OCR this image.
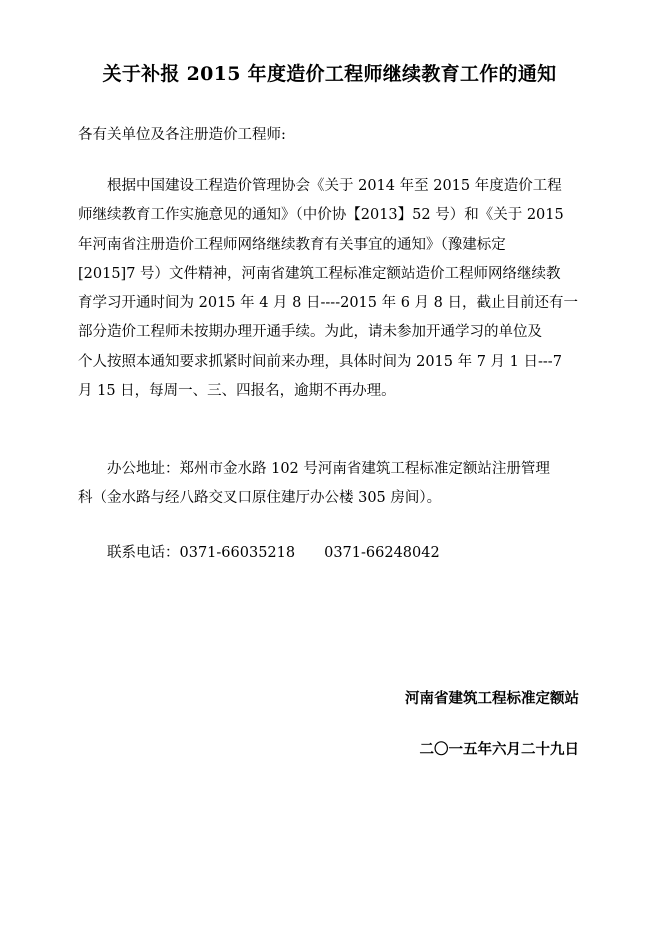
关于补报 2015 年度造价工程师继续教育工作的通知
各有关单位及各注册造价工程师:
　　根据中国建设工程造价管理协会《关于 2014 年至 2015 年度造价工程
师继续教育工作实施意见的通知》（中价协【2013】52 号）和《关于 2015
年河南省注册造价工程师网络继续教育有关事宜的通知》（豫建标定
[2015]7 号）文件精神，河南省建筑工程标准定额站造价工程师网络继续教
育学习开通时间为 2015 年 4 月 8 日----2015 年 6 月 8 日，截止目前还有一
部分造价工程师未按期办理开通手续。为此，请未参加开通学习的单位及
个人按照本通知要求抓紧时间前来办理，具体时间为 2015 年 7 月 1 日---7
月 15 日，每周一、三、四报名，逾期不再办理。
　　办公地址：郑州市金水路 102 号河南省建筑工程标准定额站注册管理
科（金水路与经八路交叉口原住建厅办公楼 305 房间）。
　　联系电话：0371-66035218　　0371-66248042
河南省建筑工程标准定额站
二〇一五年六月二十九日
